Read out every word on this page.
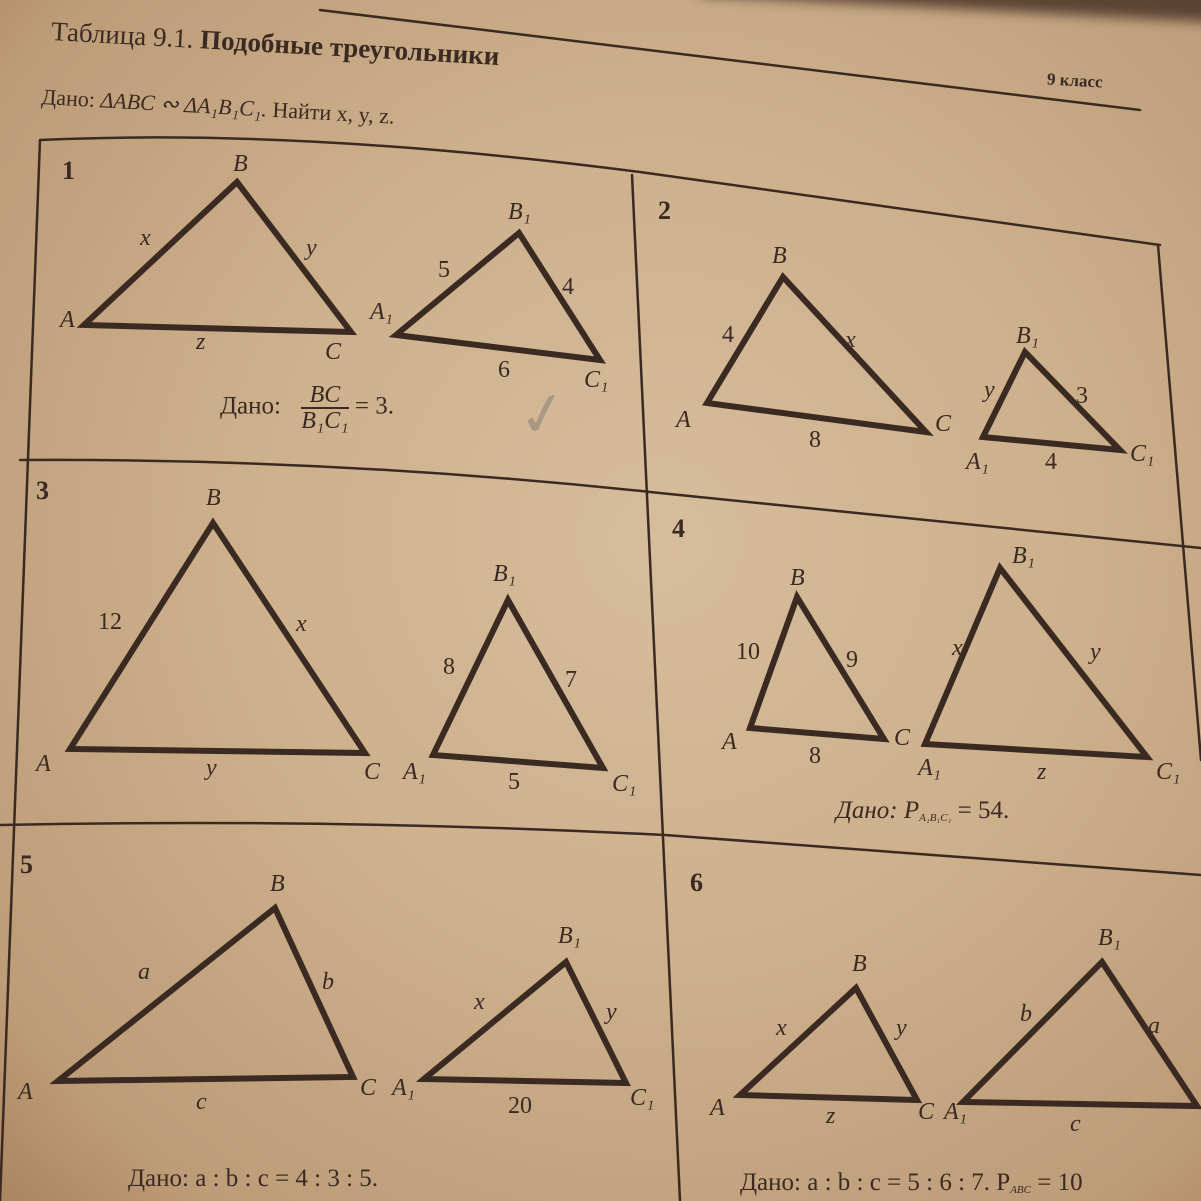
Таблица 9.1. Подобные треугольники
9 класс
Дано: ΔABC ∾ ΔA₁B₁C₁. Найти x, y, z.
1
A
B
C
x	y
z
A₁
B₁
C₁
5
4
6
Дано: $\frac{BC}{\text{B₁C₁}} = 3$. ✓
2
A
B
C
4	x
8
A₁
B₁
C₁
y	3
4
3
A
B
C
12	x
y	A₁
B₁
C₁
8	7
5
4
A
B
C
10	9
8	A₁
B₁
C₁
x	y
z
Дано: $P_{A_1B_1C_1} = 54$.
5
A
B
C
a	b
c
A₁
B₁
C₁
x	y
20
Дано: a : b : c = 4 : 3 : 5.
6
A
B
C
x	y
z	A₁
B₁
b	a
c
Дано: a : b : c = 5 : 6 : 7. $P_{ABC} = 10$
